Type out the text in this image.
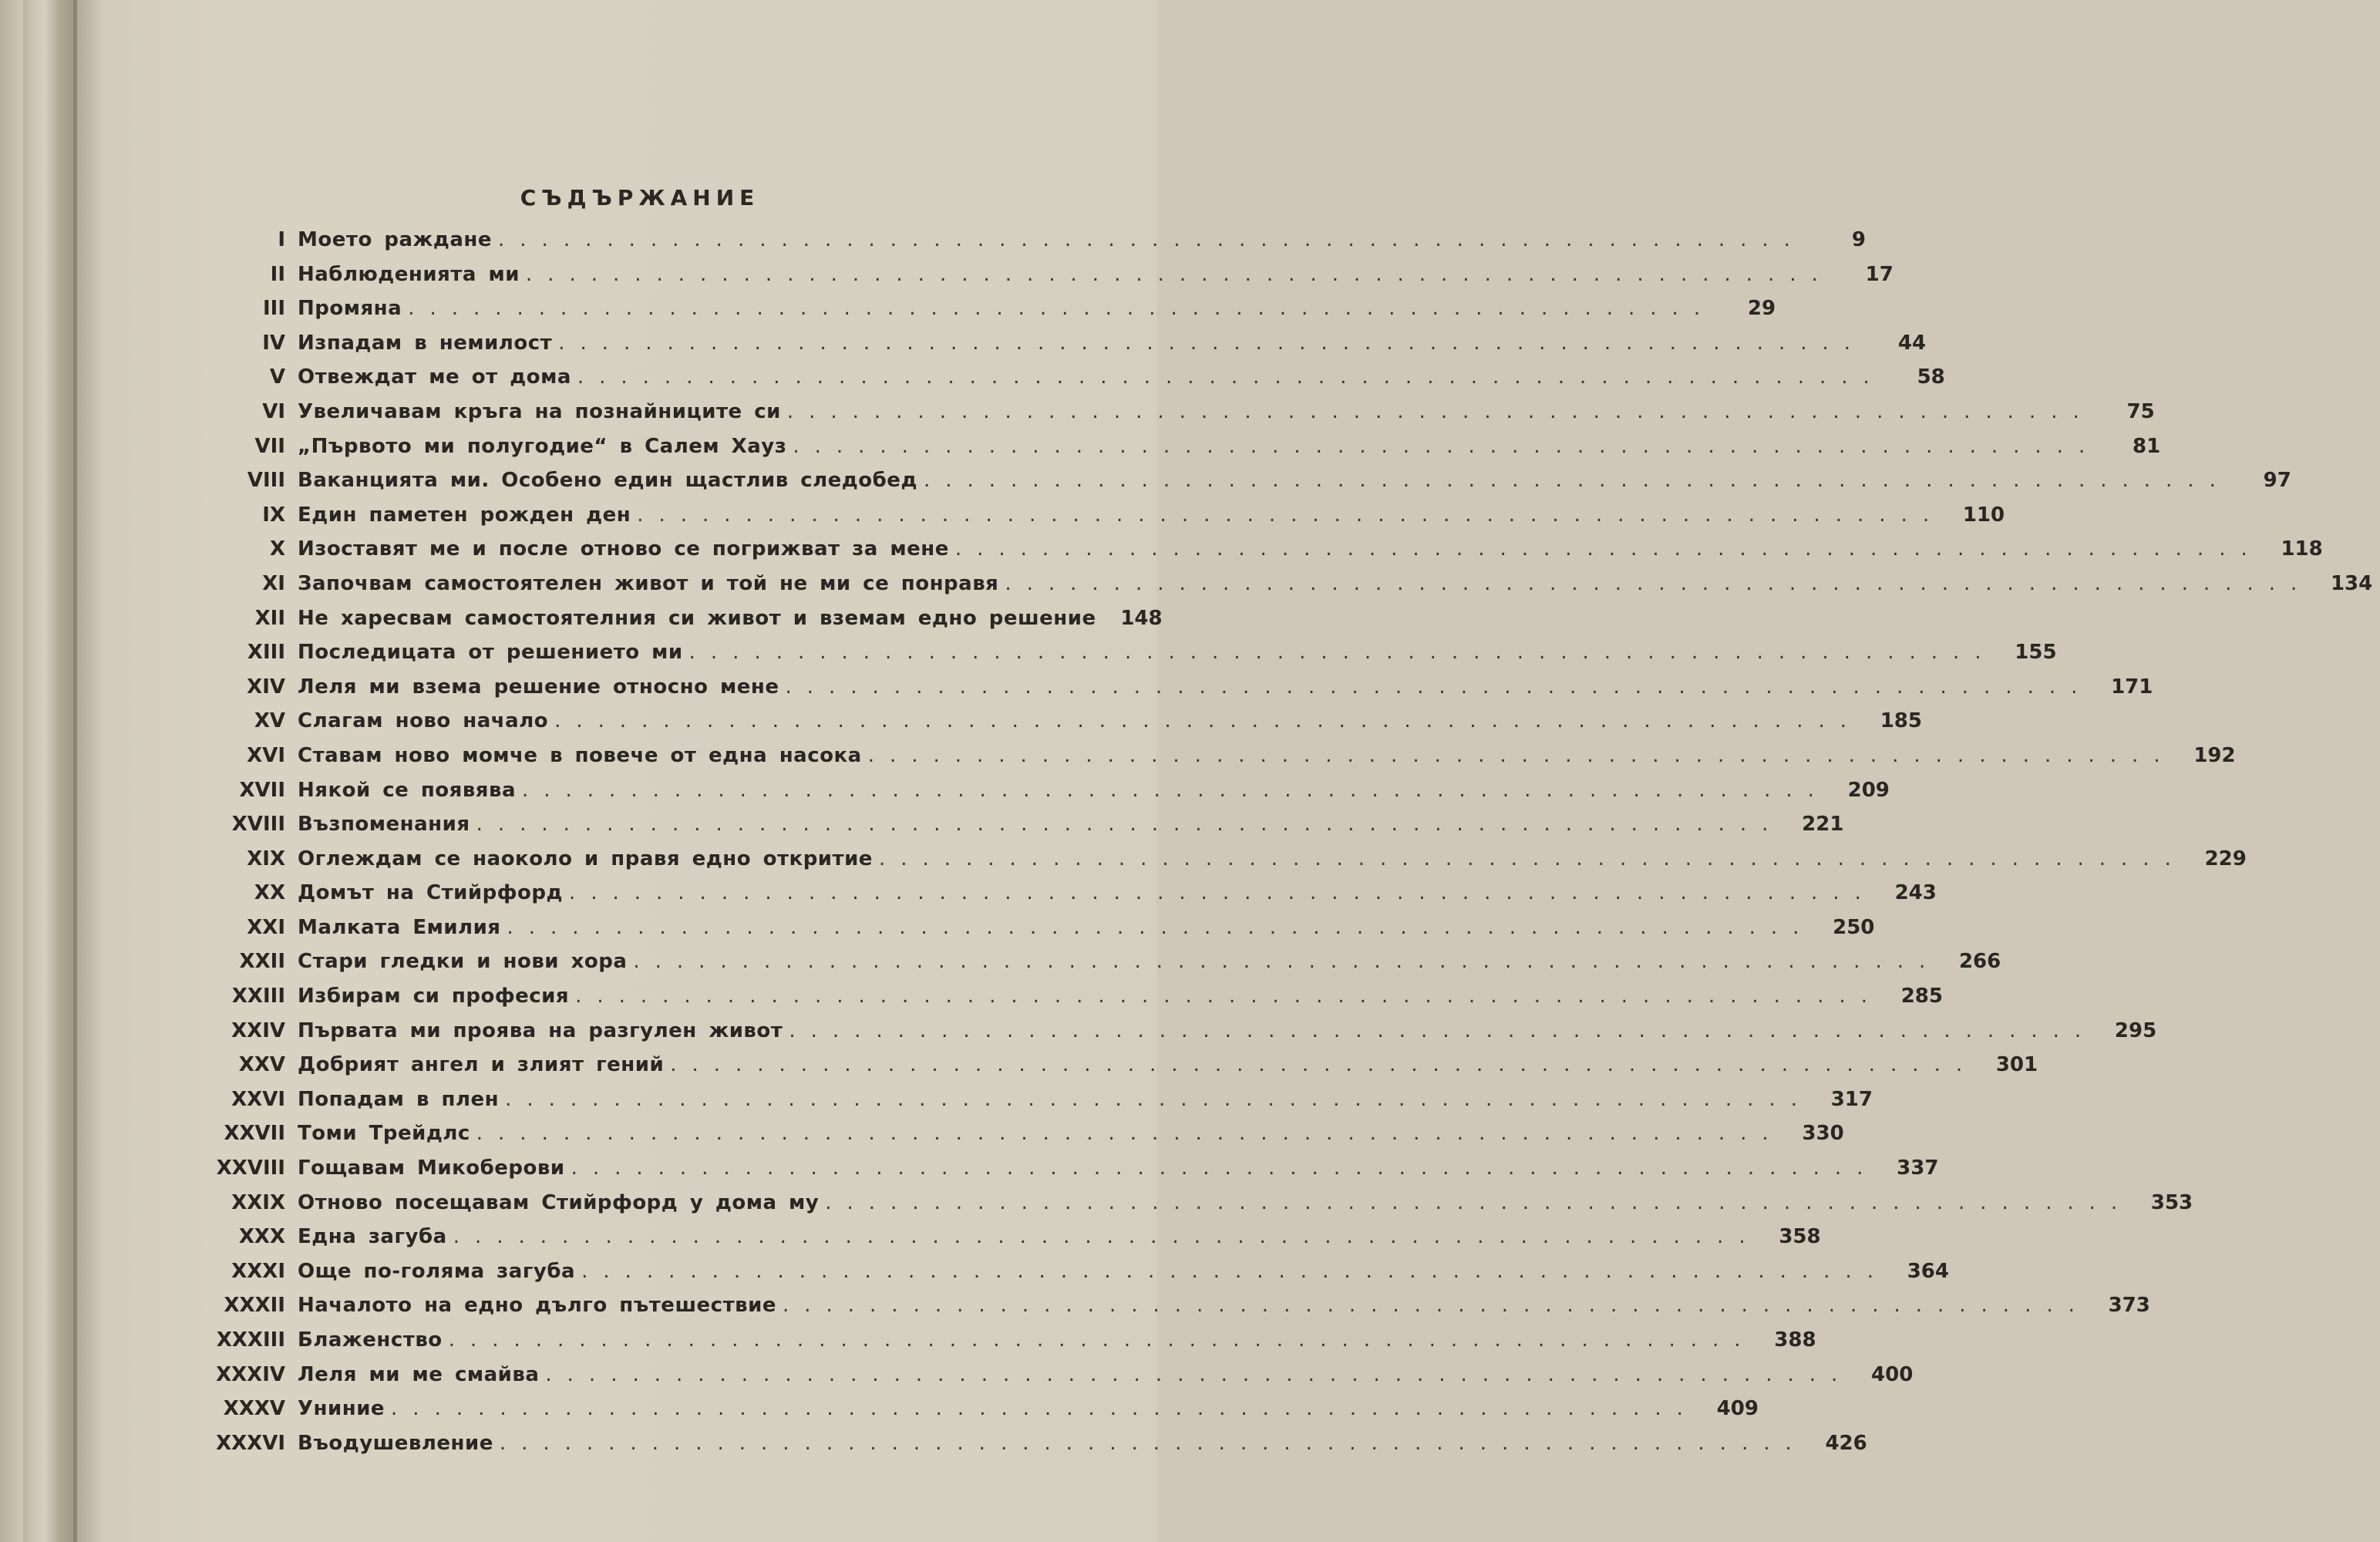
СЪДЪРЖАНИЕ
I Моето раждане ............................................................	9
II Наблюденията ми ............................................................	17
III Промяна ............................................................	29
IV Изпадам в немилост ............................................................	44
V Отвеждат ме от дома ............................................................	58
VI Увеличавам кръга на познайниците си ............................................................	75
VII „Първото ми полугодие“ в Салем Хауз ............................................................	81
VIII Ваканцията ми. Особено един щастлив следобед ............................................................	97
IX Един паметен рожден ден ............................................................ 110
X Изоставят ме и после отново се погрижват за мене ............................................................ 118
XI Започвам самостоятелен живот и той не ми се понравя ............................................................ 134
XII Не харесвам самостоятелния си живот и вземам едно решение	148
XIII Последицата от решението ми ............................................................ 155
XIV Леля ми взема решение относно мене ............................................................ 171
XV Слагам ново начало ............................................................ 185
XVI Ставам ново момче в повече от една насока ............................................................ 192
XVII Някой се появява ............................................................ 209
XVIII Възпоменания ............................................................ 221
XIX Оглеждам се наоколо и правя едно откритие ............................................................ 229
XX Домът на Стийрфорд ............................................................ 243
XXI Малката Емилия ............................................................ 250
XXII Стари гледки и нови хора ............................................................ 266
XXIII Избирам си професия ............................................................ 285
XXIV Първата ми проява на разгулен живот ............................................................ 295
XXV Добрият ангел и злият гений ............................................................ 301
XXVI Попадам в плен ............................................................ 317
XXVII Томи Трейдлс ............................................................ 330
XXVIII Гощавам Микоберови ............................................................ 337
XXIX Отново посещавам Стийрфорд у дома му ............................................................ 353
XXX Една загуба ............................................................ 358
XXXI Още по-голяма загуба ............................................................ 364
XXXII Началото на едно дълго пътешествие ............................................................ 373
XXXIII Блаженство ............................................................ 388
XXXIV Леля ми ме смайва ............................................................ 400
XXXV Униние ............................................................ 409
XXXVI Въодушевление ............................................................ 426
